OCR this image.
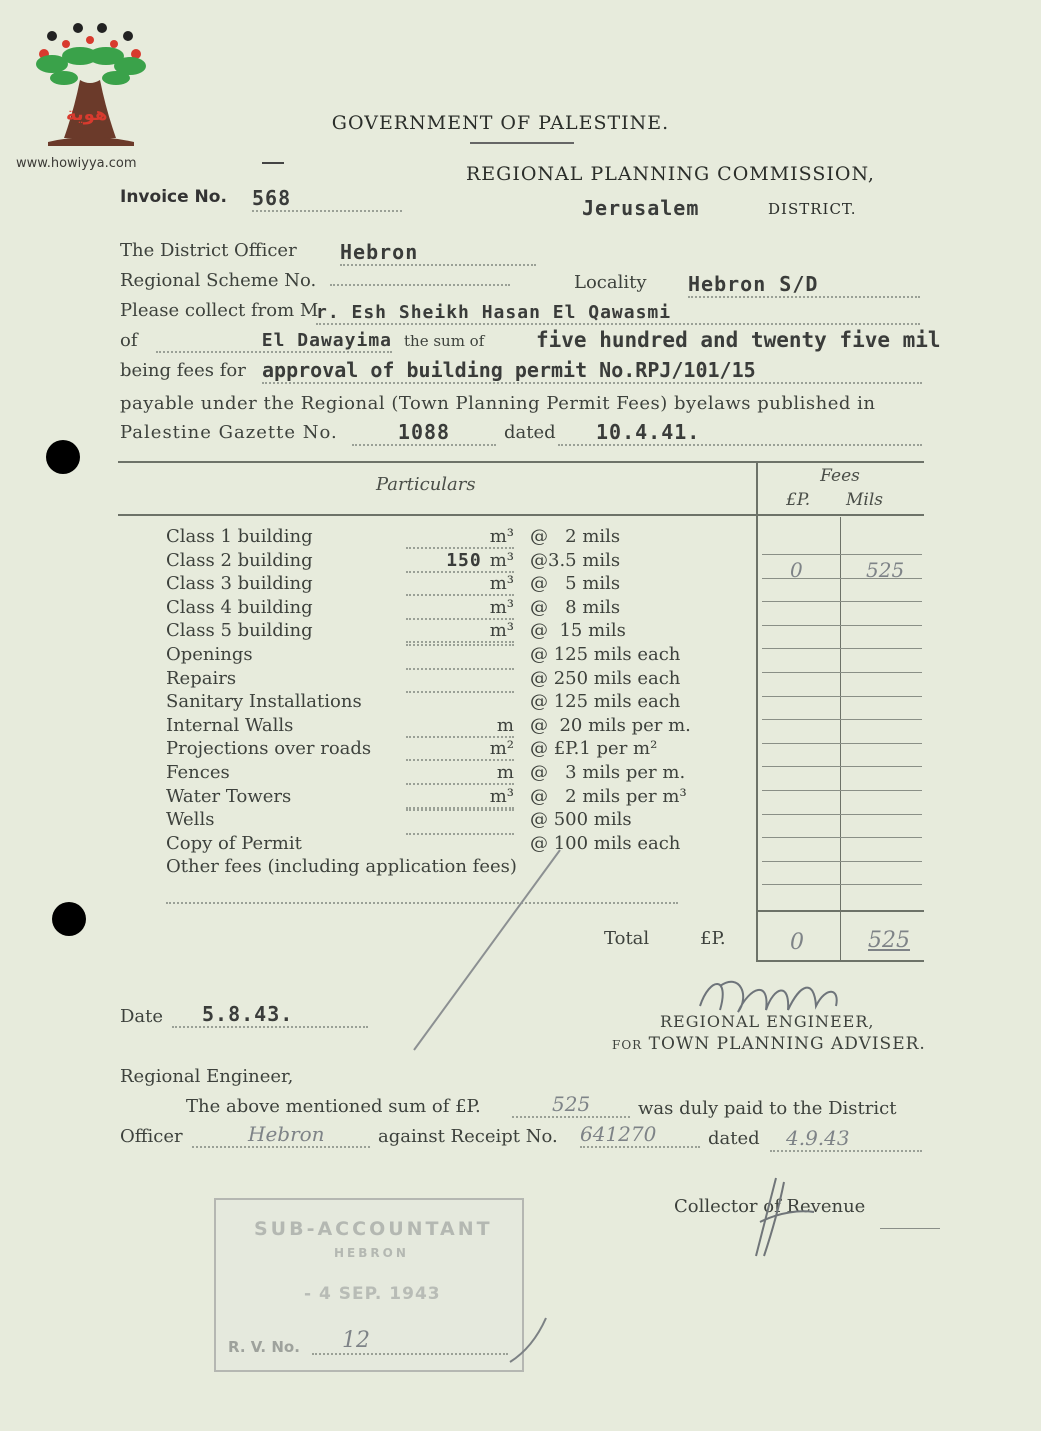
هوية
www.howiyya.com
GOVERNMENT OF PALESTINE.
REGIONAL PLANNING COMMISSION,
Invoice No. 568	Jerusalem	DISTRICT.
The District Officer Hebron
Regional Scheme No.	Locality Hebron S/D
Please collect from M
r. Esh Sheikh Hasan El Qawasmi
of	El Dawayima the sum of five hundred and twenty five mil
being fees for approval of building permit No.RPJ/101/15
payable under the Regional (Town Planning Permit Fees) byelaws published in
Palestine Gazette No.	1088	dated	10.4.41.
Particulars	Fees
£P. Mils
Class 1 building	m³ @   2 mils
Class 2 building	150 m³ @3.5 mils	0	525
Class 3 building	m³ @   5 mils
Class 4 building	m³ @   8 mils
Class 5 building	m³ @  15 mils
Openings	@ 125 mils each
Repairs	@ 250 mils each
Sanitary Installations	@ 125 mils each
Internal Walls	m @  20 mils per m.
Projections over roads	m² @ £P.1 per m²
Fences	m @   3 mils per m.
Water Towers	m³ @   2 mils per m³
Wells	@ 500 mils
Copy of Permit	@ 100 mils each
Other fees (including application fees)
Total	£P.	0	525
Date	5.8.43.	REGIONAL ENGINEER,
for TOWN PLANNING ADVISER.
Regional Engineer,
The above mentioned sum of £P.	525	was duly paid to the District
Officer	Hebron	against Receipt No. 641270	dated	4.9.43
Collector of Revenue
SUB-ACCOUNTANT
HEBRON
- 4 SEP. 1943
R. V. No.	12
